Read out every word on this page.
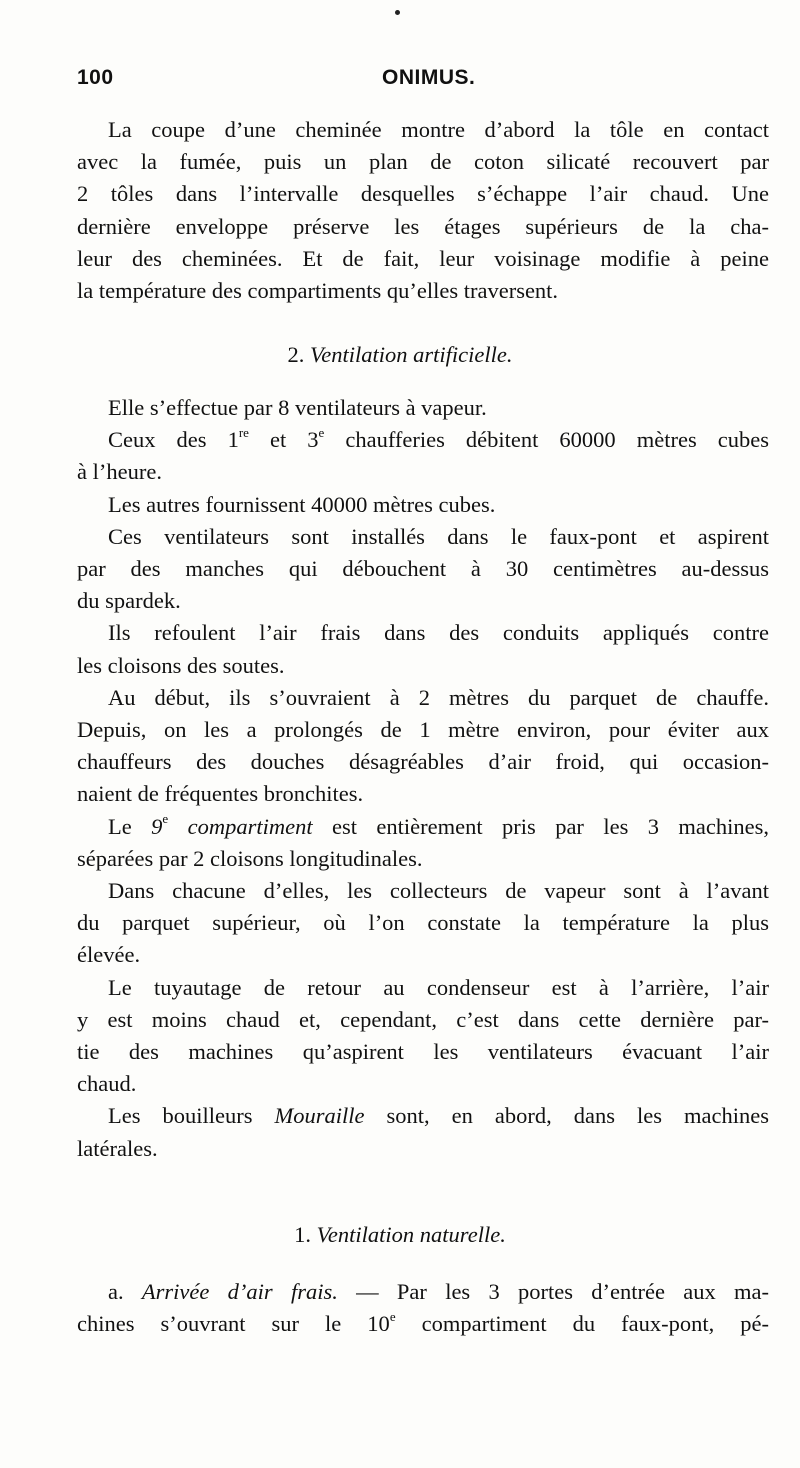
100	ONIMUS.
La coupe d’une cheminée montre d’abord la tôle en contact
avec la fumée, puis un plan de coton silicaté recouvert par
2 tôles dans l’intervalle desquelles s’échappe l’air chaud. Une
dernière enveloppe préserve les étages supérieurs de la cha-
leur des cheminées. Et de fait, leur voisinage modifie à peine
la température des compartiments qu’elles traversent.
2. Ventilation artificielle.
Elle s’effectue par 8 ventilateurs à vapeur.
Ceux des 1re et 3e chaufferies débitent 60000 mètres cubes
à l’heure.
Les autres fournissent 40000 mètres cubes.
Ces ventilateurs sont installés dans le faux-pont et aspirent
par des manches qui débouchent à 30 centimètres au-dessus
du spardek.
Ils refoulent l’air frais dans des conduits appliqués contre
les cloisons des soutes.
Au début, ils s’ouvraient à 2 mètres du parquet de chauffe.
Depuis, on les a prolongés de 1 mètre environ, pour éviter aux
chauffeurs des douches désagréables d’air froid, qui occasion-
naient de fréquentes bronchites.
Le 9e compartiment est entièrement pris par les 3 machines,
séparées par 2 cloisons longitudinales.
Dans chacune d’elles, les collecteurs de vapeur sont à l’avant
du parquet supérieur, où l’on constate la température la plus
élevée.
Le tuyautage de retour au condenseur est à l’arrière, l’air
y est moins chaud et, cependant, c’est dans cette dernière par-
tie des machines qu’aspirent les ventilateurs évacuant l’air
chaud.
Les bouilleurs Mouraille sont, en abord, dans les machines
latérales.
1. Ventilation naturelle.
a. Arrivée d’air frais. — Par les 3 portes d’entrée aux ma-
chines s’ouvrant sur le 10e compartiment du faux-pont, pé-
